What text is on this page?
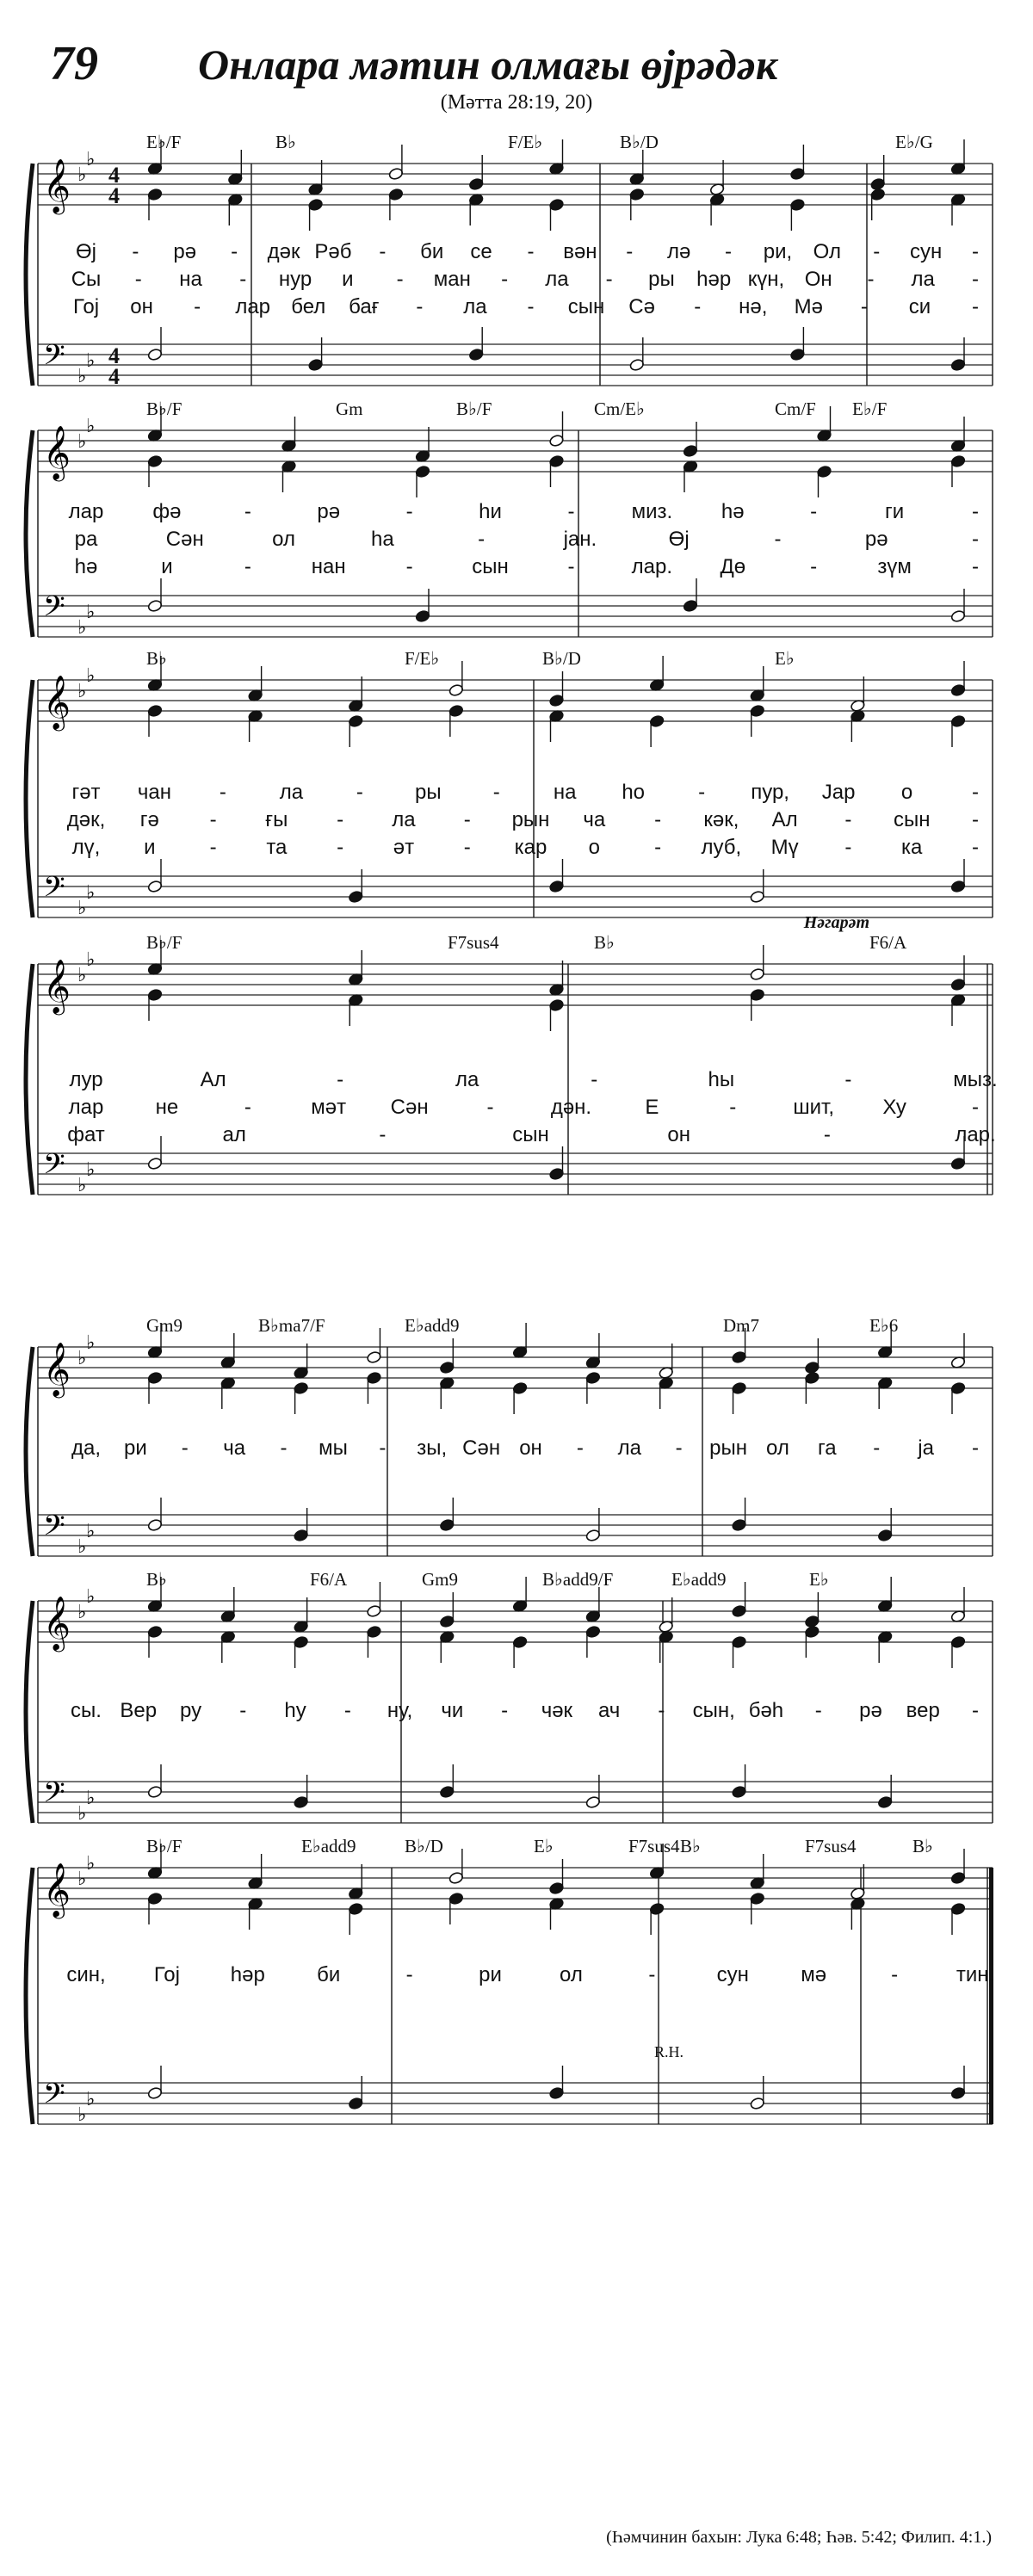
79 Онлара мәтин олмағы өјрәдәк
(Мәтта 28:19, 20)
𝄞
𝄢
♭
♭
♭
♭
4
4
4
4
E♭/F	B♭	F/E♭	B♭/D	E♭/G
Өј - рә - дәк Рәб - би се - вән - лә - ри, Ол - сун -
Сы - на - нур и - ман - ла - ры һәр күн, Он - ла -
Гој он - лар бел бағ - ла - сын Сә - нә, Мә - си -
𝄞
𝄢
♭
♭
♭
♭
B♭/F	Gm	B♭/F	Cm/E♭	Cm/F E♭/F
лар фә	-	рә	-	һи	-	миз. һә	-	ги	-
ра	Сән	ол	һа	-	јан.	Өј	-	рә	-
һә	и	-	нан	-	сын	-	лар. Дө	-	зүм	-
𝄞
𝄢
♭
♭
♭
♭
B♭	F/E♭	B♭/D	E♭
гәт чан -	ла	-	ры	-	на һо	- пур, Јар о	-
дәк, гә - ғы - ла - рын ча - кәк, Ал - сын -
лү, и	- та - әт - кар о	- луб, Мү - ка -
𝄞
𝄢
♭
♭
♭
♭
B♭/F	F7sus4	B♭	F6/A
Нәгарәт
лур	Ал	-	ла	-	һы	-	мыз.
лар	не	-	мәт Сән	-	дән.	Е	-	шит, Ху	-
фат	ал	-	сын	он	-	лар.
𝄞
𝄢
♭
♭
♭
♭
Gm9	B♭ma7/F	E♭add9	Dm7	E♭6
да, ри - ча - мы - зы, Сән он - ла - рын ол га - ја -
𝄞
𝄢
♭
♭
♭
♭
B♭	F6/A	Gm9	B♭add9/F	E♭add9	E♭
сы. Вер ру - һу - ну, чи - чәк ач - сын, бәһ - рә вер -
𝄞
𝄢
♭
♭
♭
♭
B♭/F	E♭add9	B♭/D	E♭	F7sus4 B♭	F7sus4	B♭
R.H.
син, Гој һәр	би	-	ри	ол	-	сун	мә	-	тин.
(Һәмчинин бахын: Лука 6:48; Һәв. 5:42; Филип. 4:1.)
